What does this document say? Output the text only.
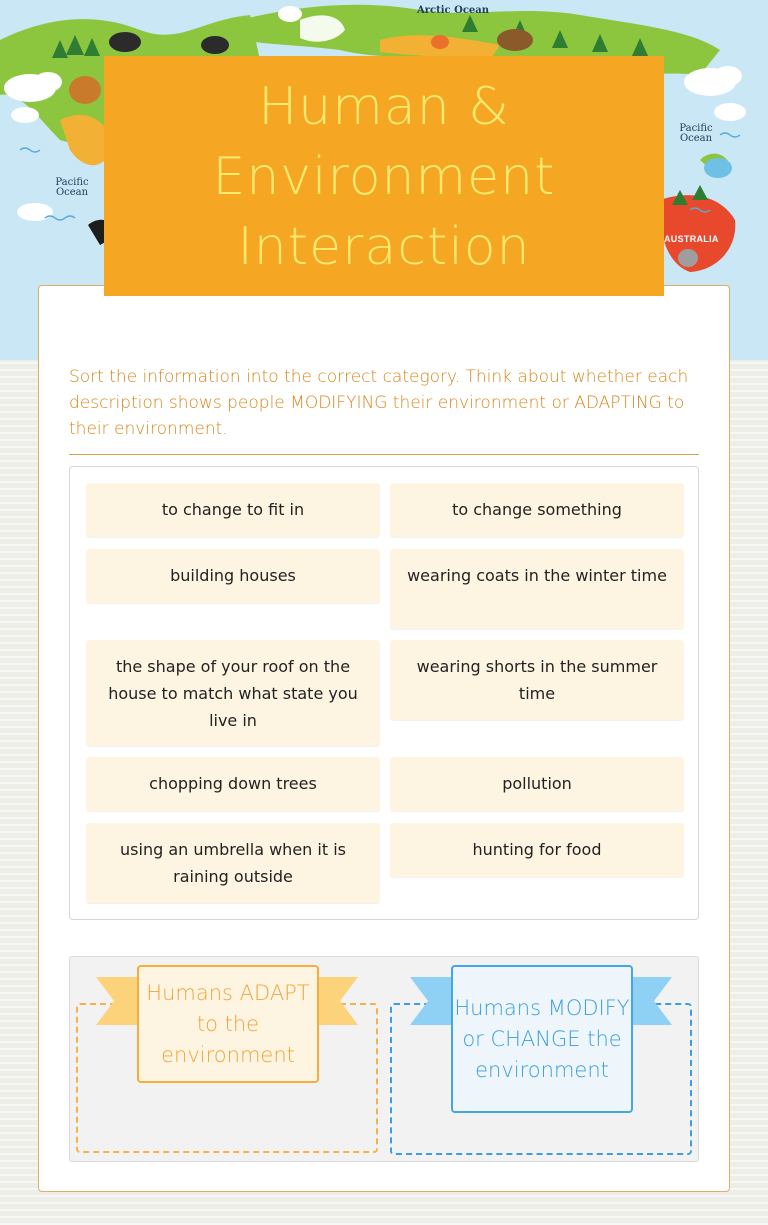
Arctic Ocean
Pacific Ocean
Pacific Ocean
AUSTRALIA
Sort the information into the correct category. Think about whether each description shows people MODIFYING their environment or ADAPTING to their environment.
to change to fit in	to change something
building houses	wearing coats in the winter time
the shape of your roof on the house to match what state you live in
wearing shorts in the summer time
chopping down trees	pollution
using an umbrella when it is raining outside
hunting for food
Humans ADAPT to the environment
Humans MODIFY or CHANGE the environment
Human & Environment Interaction
